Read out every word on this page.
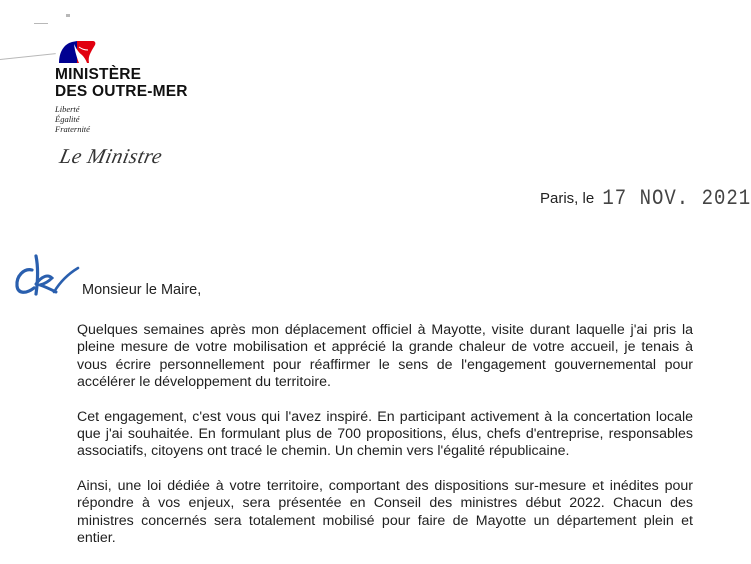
MINISTÈRE
DES OUTRE-MER
Liberté
Égalité
Fraternité
Le Ministre
Paris, le 17 NOV. 2021
Monsieur le Maire,

Quelques semaines après mon déplacement officiel à Mayotte, visite durant laquelle j'ai pris la pleine mesure de votre mobilisation et apprécié la grande chaleur de votre accueil, je tenais à vous écrire personnellement pour réaffirmer le sens de l'engagement gouvernemental pour accélérer le développement du territoire.

Cet engagement, c'est vous qui l'avez inspiré. En participant activement à la concertation locale que j'ai souhaitée. En formulant plus de 700 propositions, élus, chefs d'entreprise, responsables associatifs, citoyens ont tracé le chemin. Un chemin vers l'égalité républicaine.

Ainsi, une loi dédiée à votre territoire, comportant des dispositions sur-mesure et inédites pour répondre à vos enjeux, sera présentée en Conseil des ministres début 2022. Chacun des ministres concernés sera totalement mobilisé pour faire de Mayotte un département plein et entier.
